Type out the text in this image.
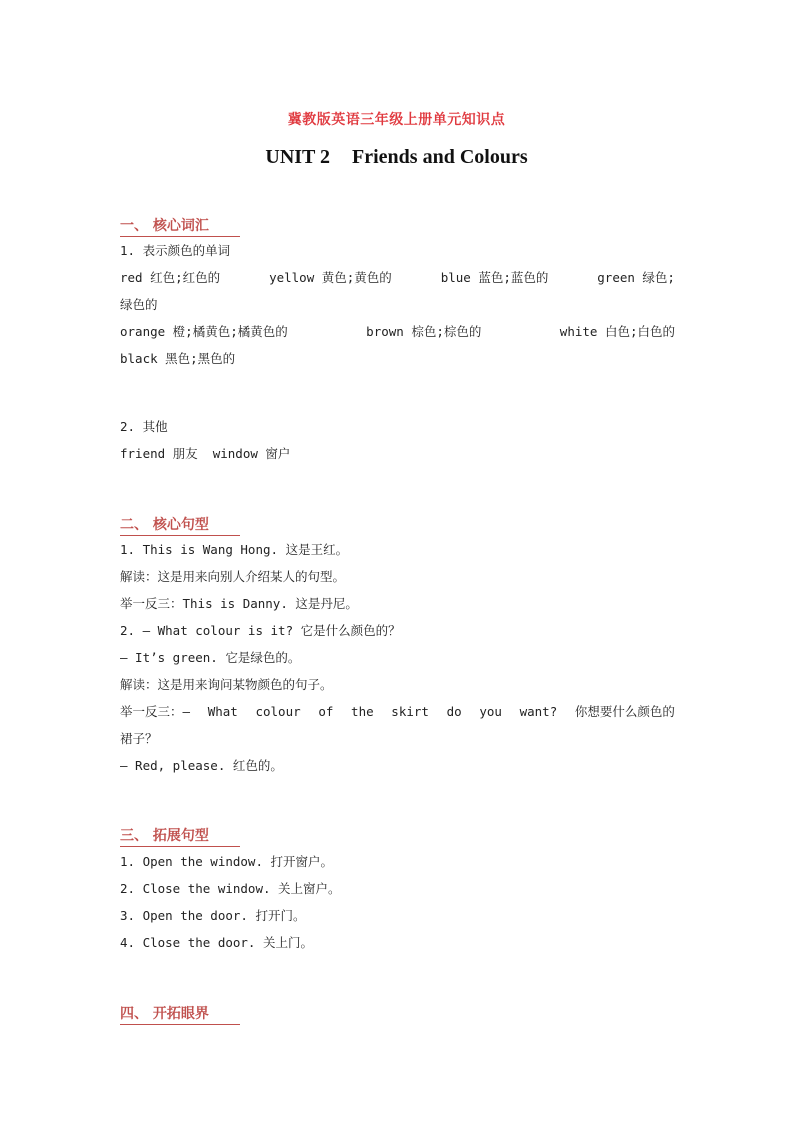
冀教版英语三年级上册单元知识点
UNIT 2 Friends and Colours
一、 核心词汇
1. 表示颜色的单词
red 红色;红色的	yellow 黄色;黄色的	blue 蓝色;蓝色的	green 绿色;
绿色的
orange 橙;橘黄色;橘黄色的	brown 棕色;棕色的	white 白色;白色的
black 黑色;黑色的
2. 其他
friend 朋友  window 窗户
二、 核心句型
1. This is Wang Hong. 这是王红。
解读：这是用来向别人介绍某人的句型。
举一反三：This is Danny. 这是丹尼。
2. — What colour is it? 它是什么颜色的？
— It’s green. 它是绿色的。
解读：这是用来询问某物颜色的句子。
举一反三：— What colour of the skirt do you want? 你想要什么颜色的
裙子？
— Red, please. 红色的。
三、 拓展句型
1. Open the window. 打开窗户。
2. Close the window. 关上窗户。
3. Open the door. 打开门。
4. Close the door. 关上门。
四、 开拓眼界
